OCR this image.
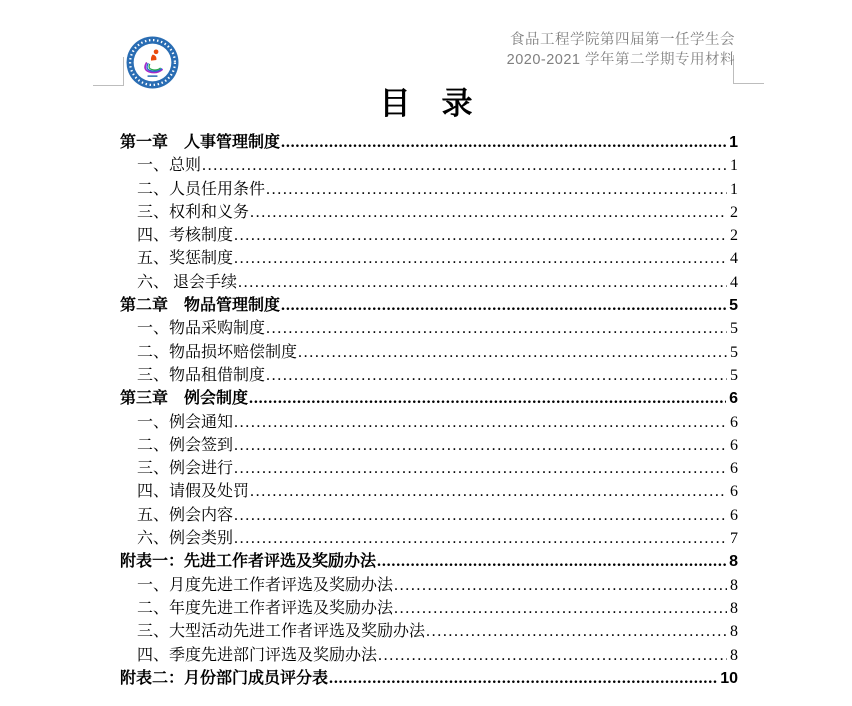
食品工程学院第四届第一任学生会
2020-2021 学年第二学期专用材料
目　录
第一章　人事管理制度 .....	1
一、总则 .....	1
二、人员任用条件 .....	1
三、权利和义务 .....	2
四、考核制度 .....	2
五、奖惩制度 .....	4
六、 退会手续 .....	4
第二章　物品管理制度 .....	5
一、物品采购制度 .....	5
二、物品损坏赔偿制度 .....	5
三、物品租借制度 .....	5
第三章　例会制度 .....	6
一、例会通知 .....	6
二、例会签到 .....	6
三、例会进行 .....	6
四、请假及处罚 .....	6
五、例会内容 .....	6
六、例会类别 .....	7
附表一：先进工作者评选及奖励办法 .....	8
一、月度先进工作者评选及奖励办法 .....	8
二、年度先进工作者评选及奖励办法 .....	8
三、大型活动先进工作者评选及奖励办法 .....	8
四、季度先进部门评选及奖励办法 .....	8
附表二：月份部门成员评分表 .....	10
